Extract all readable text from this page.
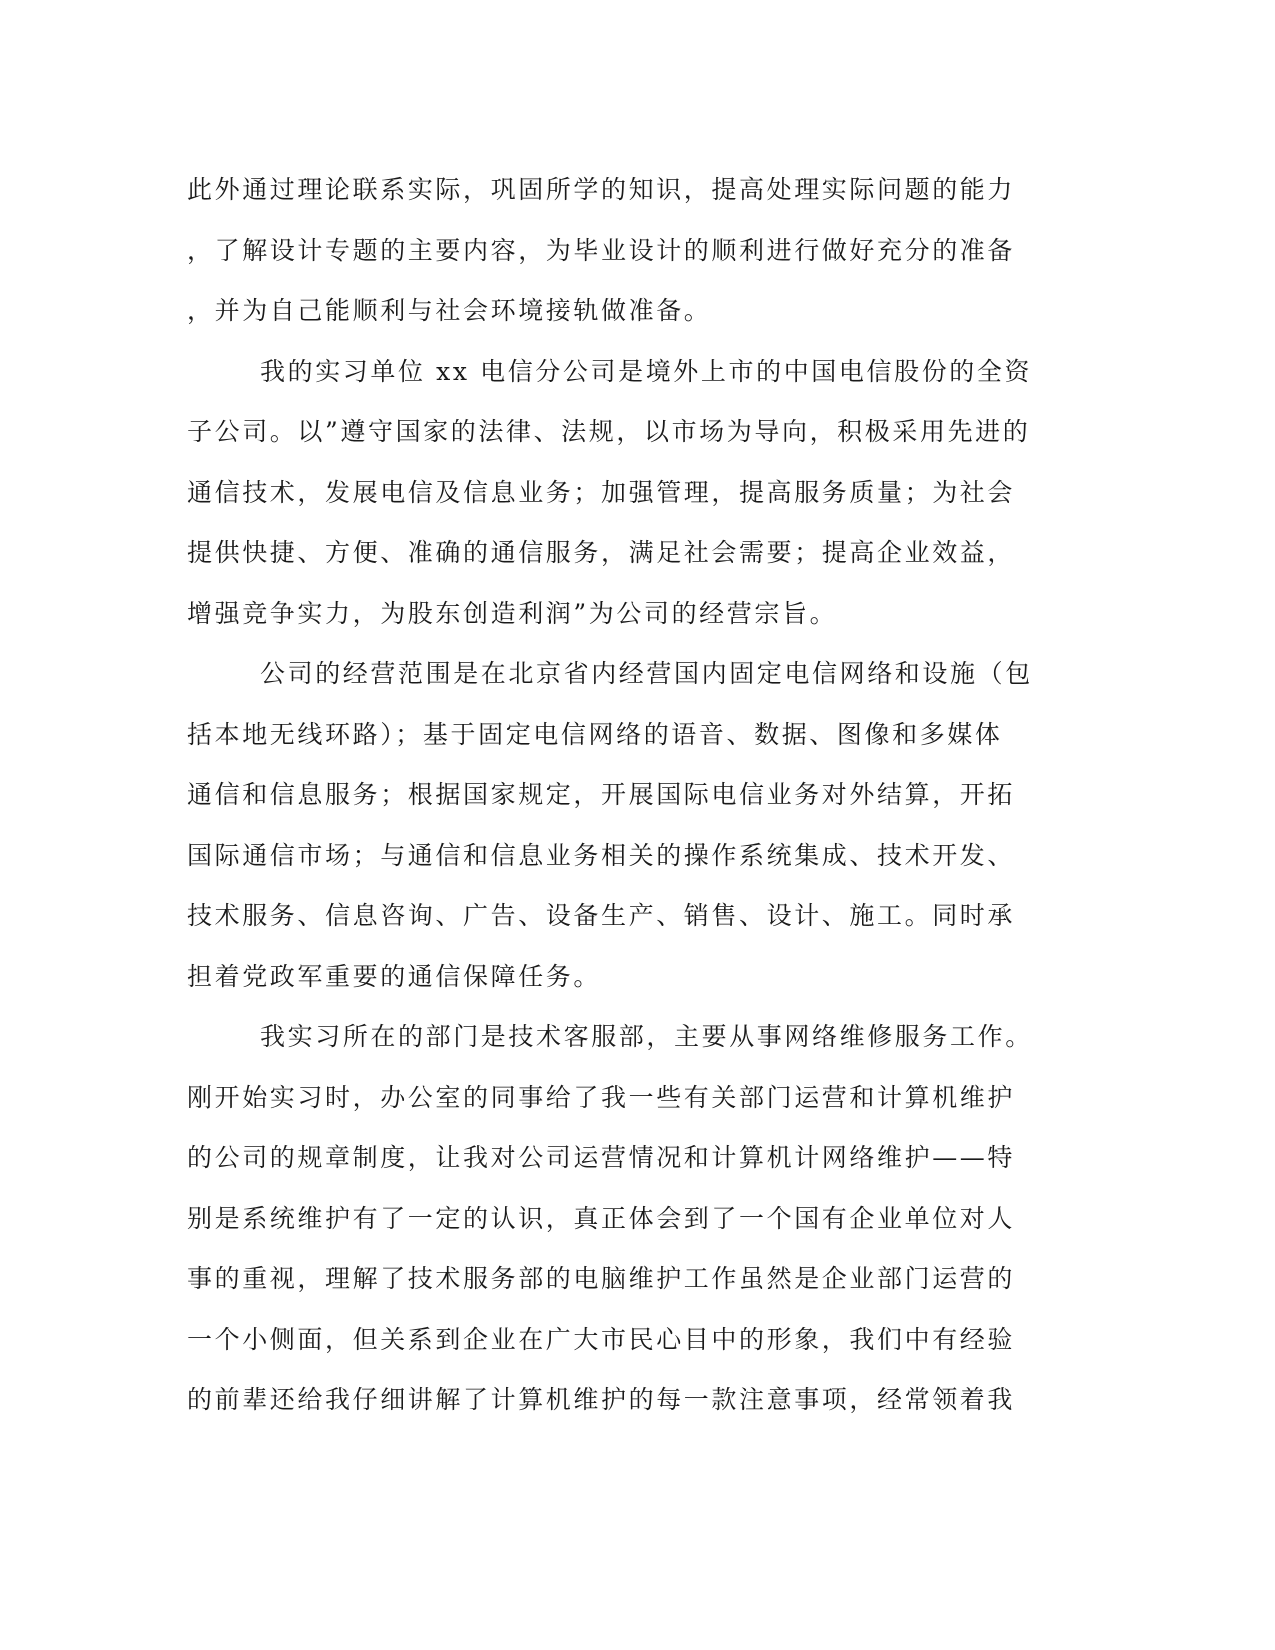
此外通过理论联系实际，巩固所学的知识，提高处理实际问题的能力
，了解设计专题的主要内容，为毕业设计的顺利进行做好充分的准备
，并为自己能顺利与社会环境接轨做准备。
我的实习单位 xx 电信分公司是境外上市的中国电信股份的全资
子公司。以”遵守国家的法律、法规，以市场为导向，积极采用先进的
通信技术，发展电信及信息业务；加强管理，提高服务质量；为社会
提供快捷、方便、准确的通信服务，满足社会需要；提高企业效益，
增强竞争实力，为股东创造利润”为公司的经营宗旨。
公司的经营范围是在北京省内经营国内固定电信网络和设施（包
括本地无线环路）；基于固定电信网络的语音、数据、图像和多媒体
通信和信息服务；根据国家规定，开展国际电信业务对外结算，开拓
国际通信市场；与通信和信息业务相关的操作系统集成、技术开发、
技术服务、信息咨询、广告、设备生产、销售、设计、施工。同时承
担着党政军重要的通信保障任务。
我实习所在的部门是技术客服部，主要从事网络维修服务工作。
刚开始实习时，办公室的同事给了我一些有关部门运营和计算机维护
的公司的规章制度，让我对公司运营情况和计算机计网络维护——特
别是系统维护有了一定的认识，真正体会到了一个国有企业单位对人
事的重视，理解了技术服务部的电脑维护工作虽然是企业部门运营的
一个小侧面，但关系到企业在广大市民心目中的形象，我们中有经验
的前辈还给我仔细讲解了计算机维护的每一款注意事项，经常领着我
